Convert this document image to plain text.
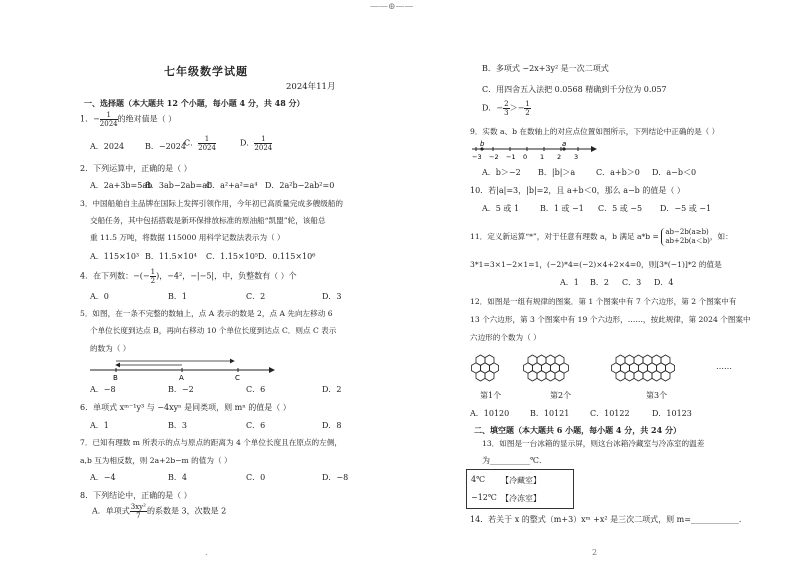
——⊕——
.	2
七年级数学试题
2024年11月
一、选择题（本大题共 12 个小题，每小题 4 分，共 48 分）
1．− $\frac{1}{2024}$ 的绝对值是（ ）
A．2024	B．−2024
C． $\frac{1}{2024}$	D． $\frac{1}{2024}$
2．下列运算中，正确的是（ ）
A．2a+3b=5ab
B．3ab−2ab=ab
C．a²+a²=a⁴ D．2a²b−2ab²=0
3．中国船舶自主品牌在国际上发挥引领作用，今年初已高质量完成多艘级船的
交船任务，其中包括搭载是新环保排放标准的原油船“凯盟”轮，该船总
重 11.5 万吨，将数据 115000 用科学记数法表示为（ ）
A．115×10³ B．11.5×10⁴ C．1.15×10⁵ D．0.115×10⁶
4．在下列数：−(− $\frac{1}{2}$ )，−4²，−|−5|，中，负整数有（ ）个
A．0	B．1	C．2	D．3
5．如图，在一条不完整的数轴上，点 A 表示的数是 2，点 A 先向左移动 6
个单位长度到达点 B，再向右移动 10 个单位长度到达点 C．则点 C 表示
的数为（ ）
B	A	C
A．−8	B．−2	C．6	D．2
6．单项式 xᵐ⁻¹y³ 与 −4xyⁿ 是同类项，则 mⁿ 的值是（ ）
A．1	B．3	C．6	D．8
7．已知有理数 m 所表示的点与原点的距离为 4 个单位长度且在原点的左侧，
a,b 互为相反数，则 2a+2b−m 的值为（ ）
A．−4	B．4	C．0	D．−8
8．下列结论中，正确的是（ ）
A．单项式 $\frac{\text{3xy²}}{7}$ 的系数是 3，次数是 2
B．多项式 −2x+3y² 是一次二项式
C．用四舍五入法把 0.0568 精确到千分位为 0.057
D．− $\frac{2}{3} >- \frac{1}{2}$
9．实数 a、b 在数轴上的对应点位置如图所示，下列结论中正确的是（ ）
−3 −2 −1 0 1 2 3
b	a
A．b＞−2 B．|b|＞a	C．a+b＞0 D．a−b＜0
10．若|a|=3，|b|=2，且 a+b＜0，那么 a−b 的值是（ ）
A．5 或 1	B．1 或 −1 C．5 或 −5 D．−5 或 −1
11．定义新运算“*”，对于任意有理数 a，b 满足 a*b = ab−2b(a≥b)
ab+2b(a＜b) ，如：
3*1=3×1−2×1=1，(−2)*4=(−2)×4+2×4=0，则[3*(−1)]*2 的值是
A．1 B．2 C．3 D．4
12．如图是一组有规律的图案．第 1 个图案中有 7 个六边形，第 2 个图案中有
13 个六边形，第 3 个图案中有 19 个六边形，……，按此规律，第 2024 个图案中
六边形的个数为（ ）
第1个	第2个	第3个
……
A．10120	B．10121	C．10122	D．10123
二、填空题（本大题共 6 小题，每小题 4 分，共 24 分）
13．如图是一台冰箱的显示屏，则这台冰箱冷藏室与冷冻室的温差
为__________℃．
4℃ 【冷藏室】
−12℃ 【冷冻室】
14．若关于 x 的整式（m+3）xᵐ +x² 是三次二项式，则 m=____________．
